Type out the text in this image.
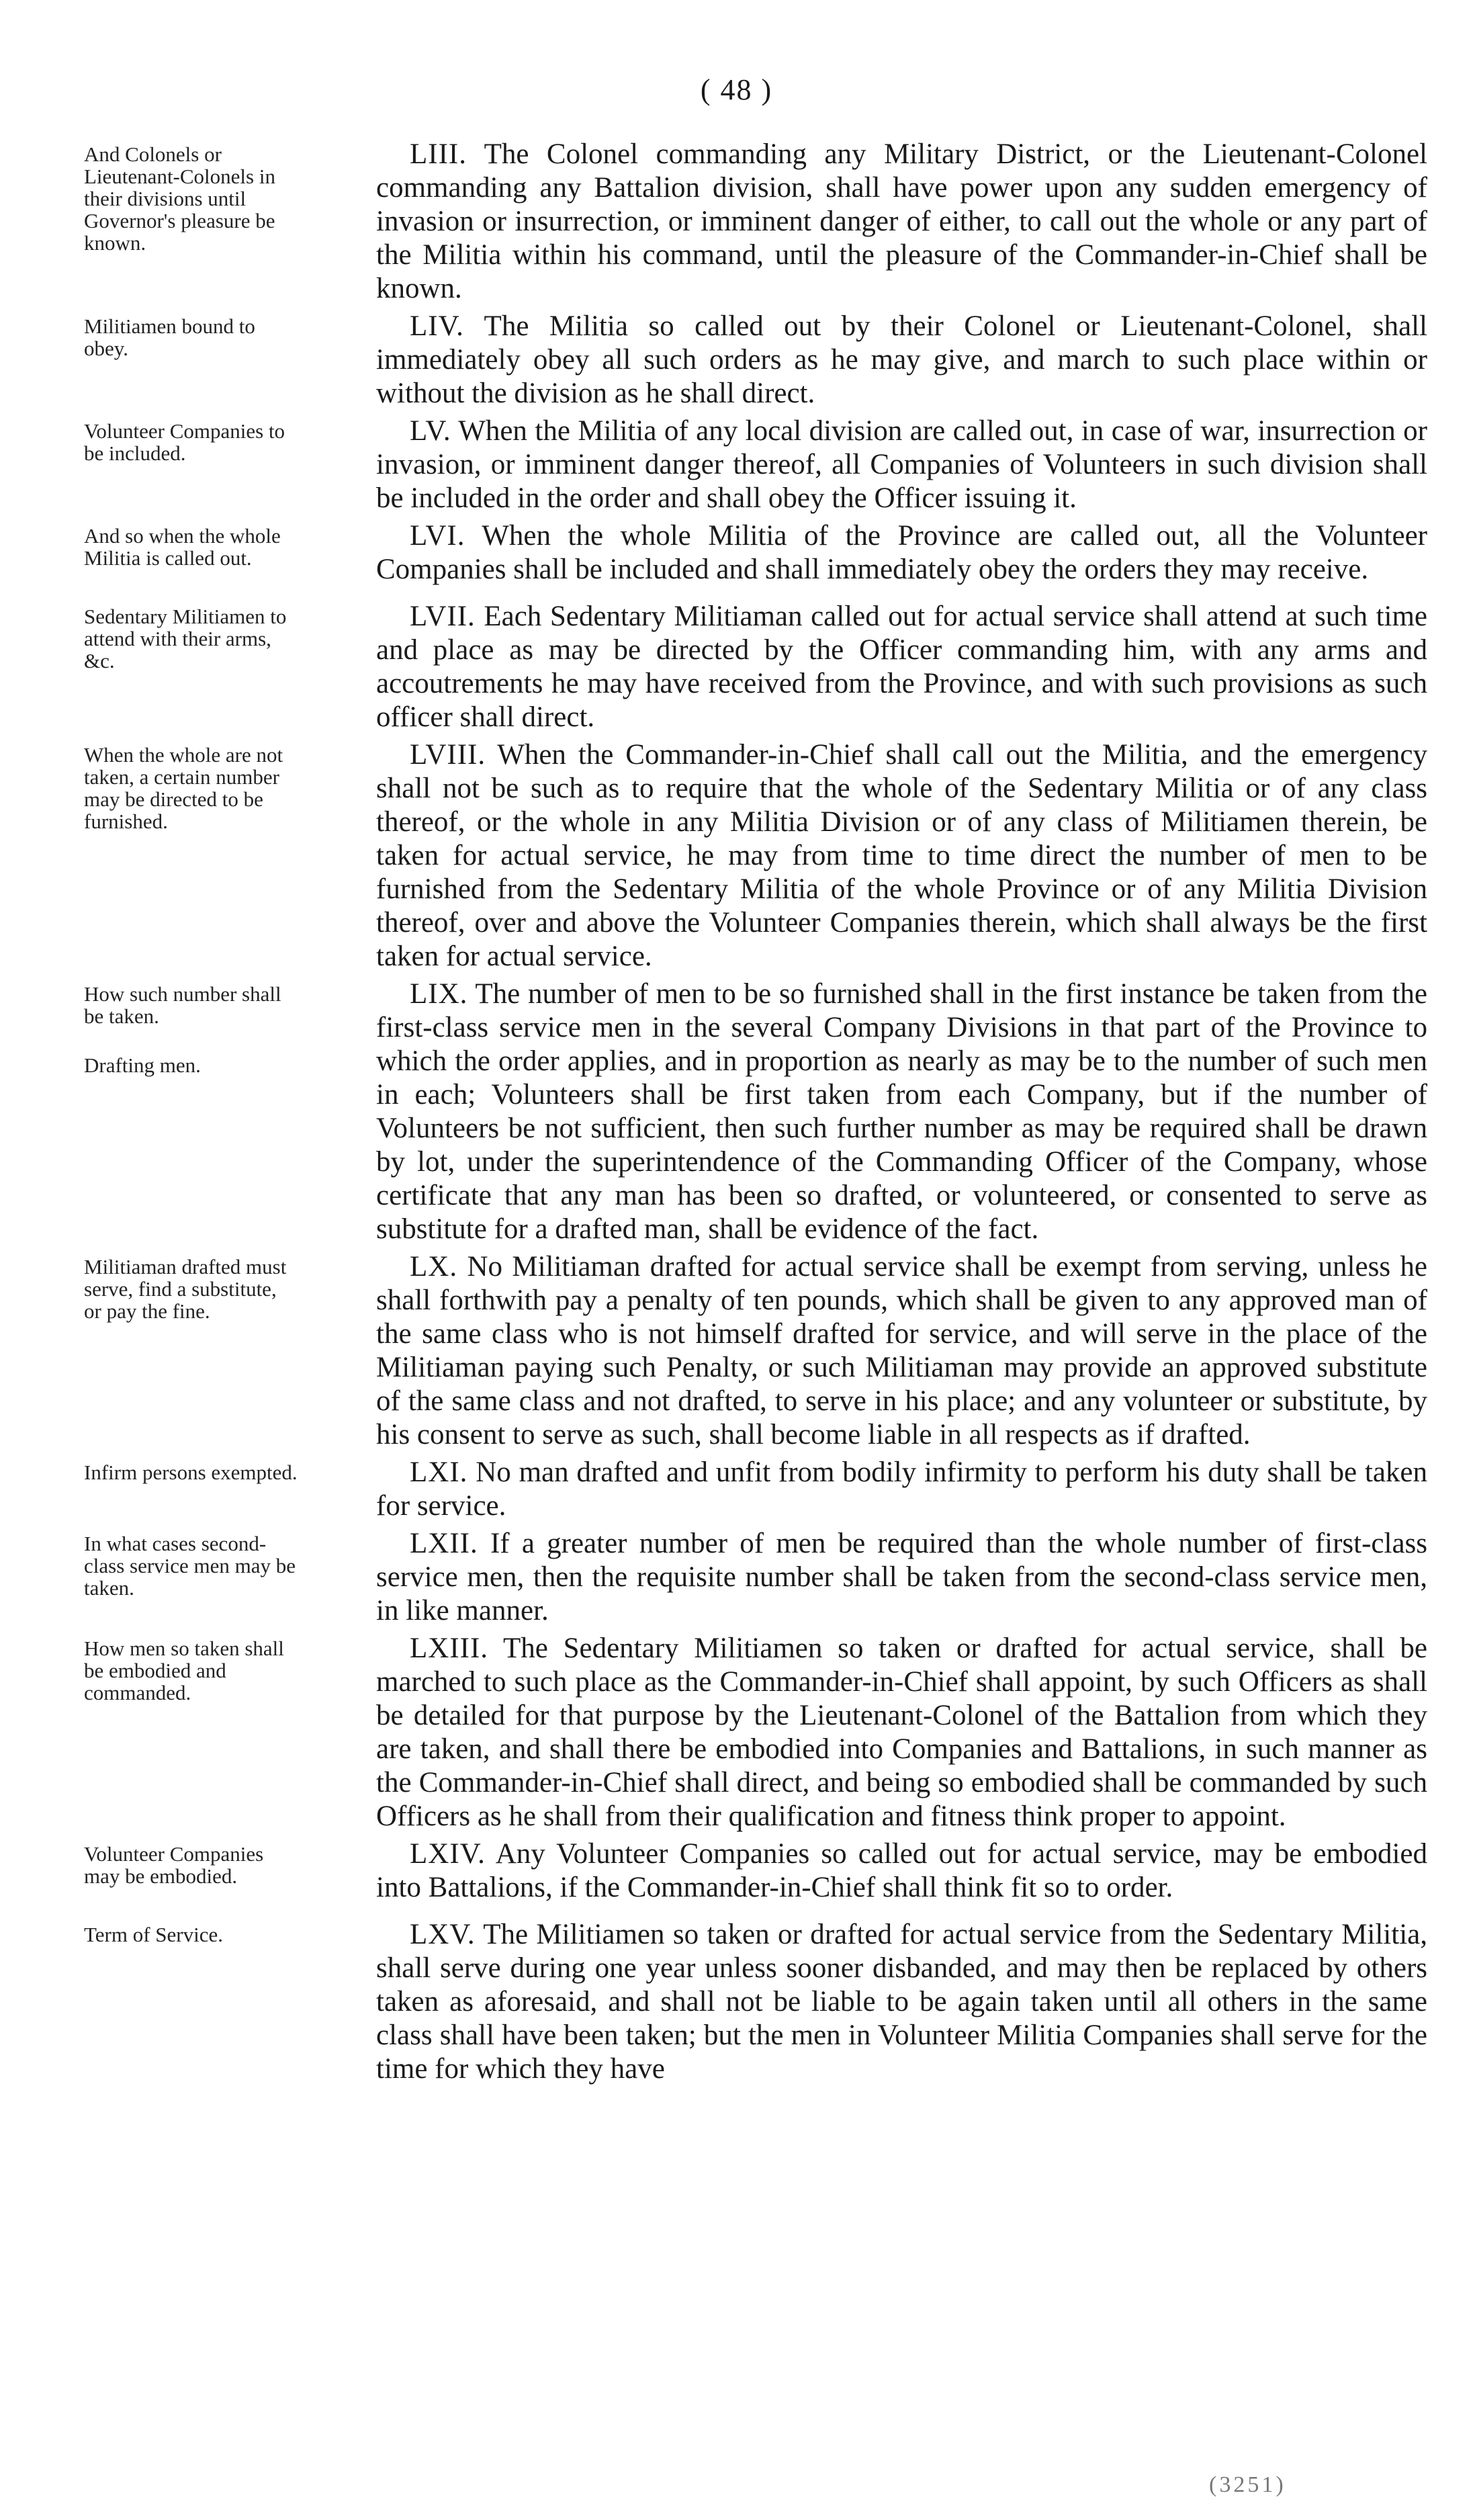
( 48 )
And Colonels or Lieutenant-Colonels in their divisions until Governor's pleasure be known.
LIII. The Colonel commanding any Military District, or the Lieutenant-Colonel commanding any Battalion division, shall have power upon any sudden emergency of invasion or insurrection, or imminent danger of either, to call out the whole or any part of the Militia within his command, until the pleasure of the Commander-in-Chief shall be known.
Militiamen bound to obey.
LIV. The Militia so called out by their Colonel or Lieutenant-Colonel, shall immediately obey all such orders as he may give, and march to such place within or without the division as he shall direct.
Volunteer Companies to be included.
LV. When the Militia of any local division are called out, in case of war, insurrection or invasion, or imminent danger thereof, all Companies of Volunteers in such division shall be included in the order and shall obey the Officer issuing it.
And so when the whole Militia is called out.
LVI. When the whole Militia of the Province are called out, all the Volunteer Companies shall be included and shall immediately obey the orders they may receive.
Sedentary Militiamen to attend with their arms, &c.
LVII. Each Sedentary Militiaman called out for actual service shall attend at such time and place as may be directed by the Officer commanding him, with any arms and accoutrements he may have received from the Province, and with such provisions as such officer shall direct.
When the whole are not taken, a certain number may be directed to be furnished.
LVIII. When the Commander-in-Chief shall call out the Militia, and the emergency shall not be such as to require that the whole of the Sedentary Militia or of any class thereof, or the whole in any Militia Division or of any class of Militiamen therein, be taken for actual service, he may from time to time direct the number of men to be furnished from the Sedentary Militia of the whole Province or of any Militia Division thereof, over and above the Volunteer Companies therein, which shall always be the first taken for actual service.
How such number shall be taken.
Drafting men.
LIX. The number of men to be so furnished shall in the first instance be taken from the first-class service men in the several Company Divisions in that part of the Province to which the order applies, and in proportion as nearly as may be to the number of such men in each; Volunteers shall be first taken from each Company, but if the number of Volunteers be not sufficient, then such further number as may be required shall be drawn by lot, under the superintendence of the Commanding Officer of the Company, whose certificate that any man has been so drafted, or volunteered, or consented to serve as substitute for a drafted man, shall be evidence of the fact.
Militiaman drafted must serve, find a substitute, or pay the fine.
LX. No Militiaman drafted for actual service shall be exempt from serving, unless he shall forthwith pay a penalty of ten pounds, which shall be given to any approved man of the same class who is not himself drafted for service, and will serve in the place of the Militiaman paying such Penalty, or such Militiaman may provide an approved substitute of the same class and not drafted, to serve in his place; and any volunteer or substitute, by his consent to serve as such, shall become liable in all respects as if drafted.
Infirm persons exempted.	LXI. No man drafted and unfit from bodily infirmity to perform his duty shall be taken for service.
In what cases second-class service men may be taken.
LXII. If a greater number of men be required than the whole number of first-class service men, then the requisite number shall be taken from the second-class service men, in like manner.
How men so taken shall be embodied and commanded.
LXIII. The Sedentary Militiamen so taken or drafted for actual service, shall be marched to such place as the Commander-in-Chief shall appoint, by such Officers as shall be detailed for that purpose by the Lieutenant-Colonel of the Battalion from which they are taken, and shall there be embodied into Companies and Battalions, in such manner as the Commander-in-Chief shall direct, and being so embodied shall be commanded by such Officers as he shall from their qualification and fitness think proper to appoint.
Volunteer Companies may be embodied.
LXIV. Any Volunteer Companies so called out for actual service, may be embodied into Battalions, if the Commander-in-Chief shall think fit so to order.
Term of Service.	LXV. The Militiamen so taken or drafted for actual service from the Sedentary Militia, shall serve during one year unless sooner disbanded, and may then be replaced by others taken as aforesaid, and shall not be liable to be again taken until all others in the same class shall have been taken; but the men in Volunteer Militia Companies shall serve for the time for which they have
(3251)
